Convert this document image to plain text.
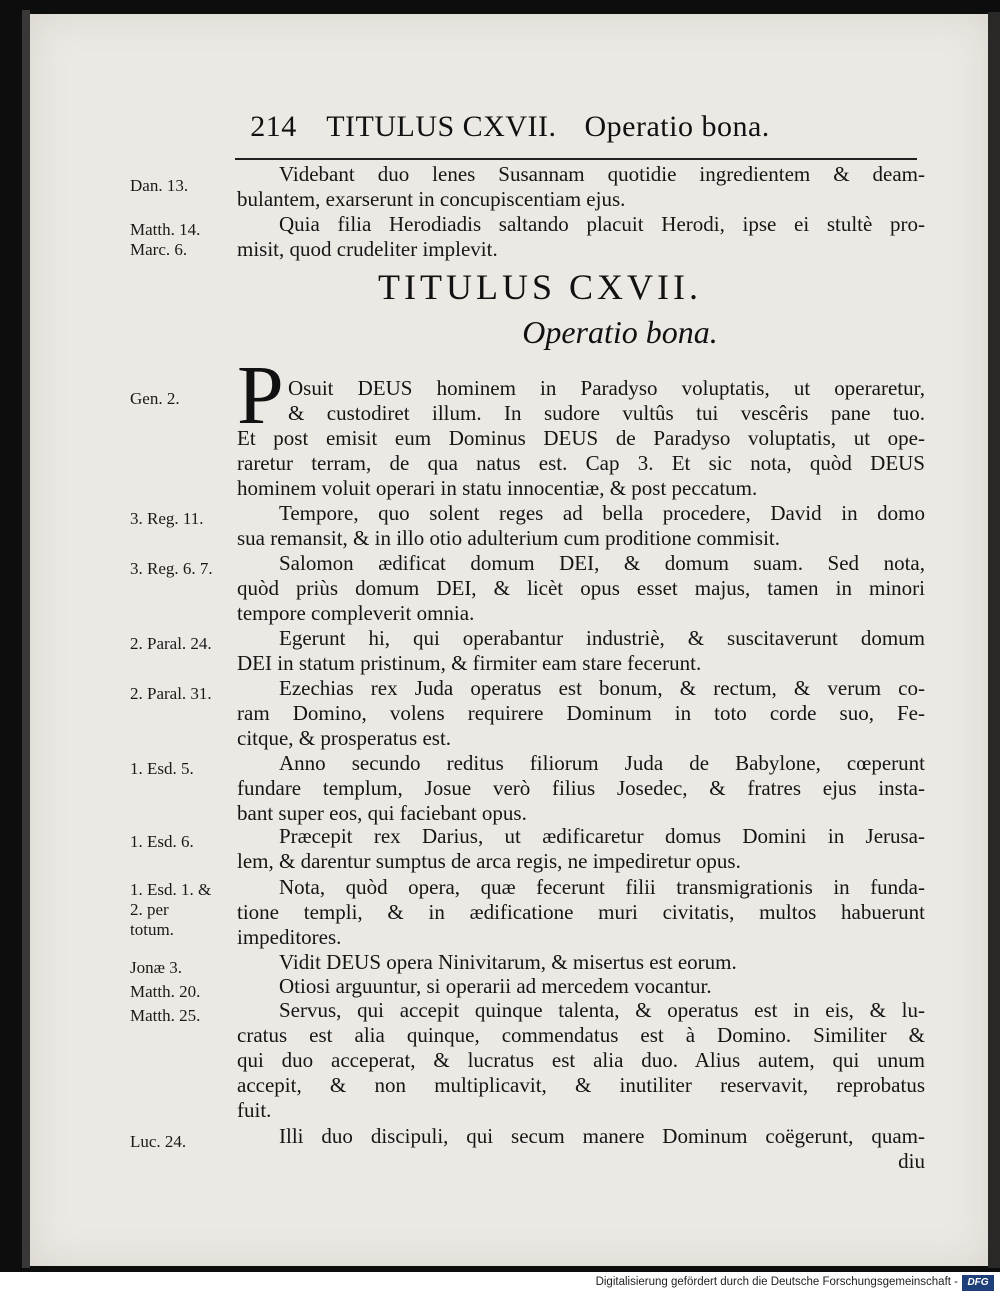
214 TITULUS CXVII. Operatio bona.
Dan. 13.	Videbant duo lenes Susannam quotidie ingredientem & deam-
bulantem, exarserunt in concupiscentiam ejus.
Matth. 14.
Marc. 6.
Quia filia Herodiadis saltando placuit Herodi, ipse ei stultè pro-
misit, quod crudeliter implevit.
TITULUS CXVII.
Operatio bona.
Gen. 2. P Osuit DEUS hominem in Paradyso voluptatis, ut operaretur,
& custodiret illum. In sudore vultûs tui vescêris pane tuo.
Et post emisit eum Dominus DEUS de Paradyso voluptatis, ut ope-
raretur terram, de qua natus est. Cap 3. Et sic nota, quòd DEUS
hominem voluit operari in statu innocentiæ, & post peccatum.
3. Reg. 11.	Tempore, quo solent reges ad bella procedere, David in domo
sua remansit, & in illo otio adulterium cum proditione commisit.
3. Reg. 6. 7.	Salomon ædificat domum DEI, & domum suam. Sed nota,
quòd priùs domum DEI, & licèt opus esset majus, tamen in minori
tempore compleverit omnia.
2. Paral. 24.	Egerunt hi, qui operabantur industriè, & suscitaverunt domum
DEI in statum pristinum, & firmiter eam stare fecerunt.
2. Paral. 31.	Ezechias rex Juda operatus est bonum, & rectum, & verum co-
ram Domino, volens requirere Dominum in toto corde suo, Fe-
citque, & prosperatus est.
1. Esd. 5.	Anno secundo reditus filiorum Juda de Babylone, cœperunt
fundare templum, Josue verò filius Josedec, & fratres ejus insta-
bant super eos, qui faciebant opus.
1. Esd. 6.	Præcepit rex Darius, ut ædificaretur domus Domini in Jerusa-
lem, & darentur sumptus de arca regis, ne impediretur opus.
1. Esd. 1. &
2. per
totum.
Nota, quòd opera, quæ fecerunt filii transmigrationis in funda-
tione templi, & in ædificatione muri civitatis, multos habuerunt
impeditores.
Jonæ 3.	Vidit DEUS opera Ninivitarum, & misertus est eorum.
Matth. 20.	Otiosi arguuntur, si operarii ad mercedem vocantur.
Matth. 25.	Servus, qui accepit quinque talenta, & operatus est in eis, & lu-
cratus est alia quinque, commendatus est à Domino. Similiter &
qui duo acceperat, & lucratus est alia duo. Alius autem, qui unum
accepit, & non multiplicavit, & inutiliter reservavit, reprobatus
fuit.
Luc. 24.	Illi duo discipuli, qui secum manere Dominum coëgerunt, quam-
diu
Digitalisierung gefördert durch die Deutsche Forschungsgemeinschaft - DFG
